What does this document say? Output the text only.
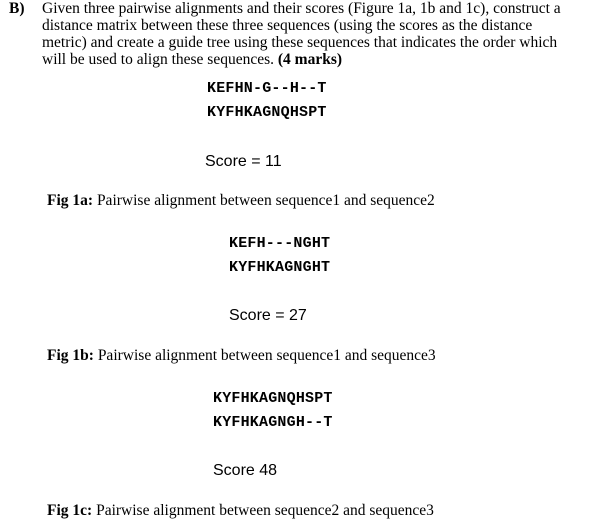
B) Given three pairwise alignments and their scores (Figure 1a, 1b and 1c), construct a
distance matrix between these three sequences (using the scores as the distance
metric) and create a guide tree using these sequences that indicates the order which
will be used to align these sequences. (4 marks)
KEFHN-G--H--T
KYFHKAGNQHSPT
Score = 11
Fig 1a: Pairwise alignment between sequence1 and sequence2
KEFH---NGHT
KYFHKAGNGHT
Score = 27
Fig 1b: Pairwise alignment between sequence1 and sequence3
KYFHKAGNQHSPT
KYFHKAGNGH--T
Score 48
Fig 1c: Pairwise alignment between sequence2 and sequence3
